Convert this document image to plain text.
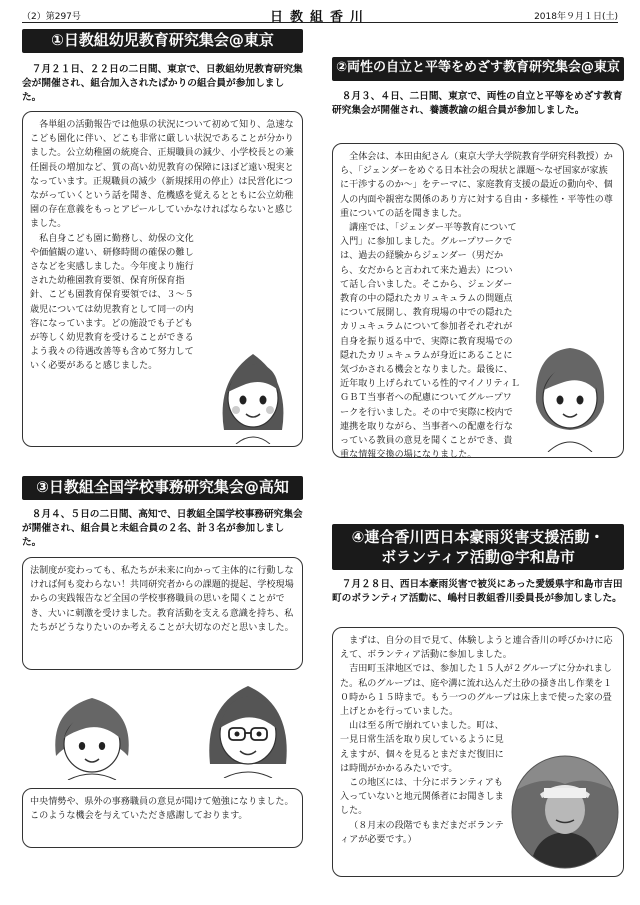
（2）第297号	日教組香川	2018年９月１日(土)
①日教組幼児教育研究集会@東京
７月２１日、２２日の二日間、東京で、日教組幼児教育研究集会が開催され、組合加入されたばかりの組合員が参加しました。

各単組の活動報告では他県の状況について初めて知り、急速なこども園化に伴い、どこも非常に厳しい状況であることが分かりました。公立幼稚園の統廃合、正規職員の減少、小学校長との兼任園長の増加など、質の高い幼児教育の保障にほぼど遠い現実となっています。正規職員の減少（新規採用の停止）は民営化につながっていくという話を聞き、危機感を覚えるとともに公立幼稚園の存在意義をもっとアピールしていかなければならないと感じました。

私自身こども園に勤務し、幼保の文化や価値観の違い、研修時間の確保の難しさなどを実感しました。今年度より施行された幼稚園教育要領、保育所保育指針、こども園教育保育要領では、３～５歳児については幼児教育として同一の内容になっています。どの施設でも子どもが等しく幼児教育を受けることができるよう我々の待遇改善等も含めて努力していく必要があると感じました。

②両性の自立と平等をめざす教育研究集会@東京
８月３、４日、二日間、東京で、両性の自立と平等をめざす教育研究集会が開催され、養護教諭の組合員が参加しました。

全体会は、本田由紀さん（東京大学大学院教育学研究科教授）から、「ジェンダーをめぐる日本社会の現状と課題～なぜ国家が家族に干渉するのか～」をテーマに、家庭教育支援の最近の動向や、個人の内面や親密な関係のあり方に対する自由・多様性・平等性の尊重についての話を聞きました。

講座では、「ジェンダー平等教育について　入門」に参加しました。グループワークでは、過去の経験からジェンダー（男だから、女だからと言われて来た過去）について話し合いました。そこから、ジェンダー教育の中の隠れたカリュキュラムの問題点について展開し、教育現場の中での隠れたカリュキュラムについて参加者それぞれが自身を振り返る中で、実際に教育現場での隠れたカリュキュラムが身近にあることに気づかされる機会となりました。最後に、近年取り上げられている性的マイノリティＬＧＢＴ当事者への配慮についてグループワークを行いました。その中で実際に校内で連携を取りながら、当事者への配慮を行なっている教員の意見を聞くことができ、貴重な情報交換の場になりました。

③日教組全国学校事務研究集会@高知
８月４、５日の二日間、高知で、日教組全国学校事務研究集会が開催され、組合員と未組合員の２名、計３名が参加しました。

法制度が変わっても、私たちが未来に向かって主体的に行動しなければ何も変わらない！共同研究者からの課題的提起、学校現場からの実践報告など全国の学校事務職員の思いを聞くことができ、大いに刺激を受けました。教育活動を支える意識を持ち、私たちがどうなりたいのか考えることが大切なのだと思いました。

中央情勢や、県外の事務職員の意見が聞けて勉強になりました。このような機会を与えていただき感謝しております。

④連合香川西日本豪雨災害支援活動・
ボランティア活動@宇和島市
７月２８日、西日本豪雨災害で被災にあった愛媛県宇和島市吉田町のボランティア活動に、嶋村日教組香川委員長が参加しました。

まずは、自分の目で見て、体験しようと連合香川の呼びかけに応えて、ボランティア活動に参加しました。

吉田町玉津地区では、参加した１５人が２グループに分かれました。私のグループは、庭や溝に流れ込んだ土砂の掻き出し作業を１０時から１５時まで。もう一つのグループは床上まで使った家の畳上げとかを行っていました。

山は至る所で崩れていました。町は、一見日常生活を取り戻しているように見えますが、個々を見るとまだまだ復旧には時間がかかるみたいです。

この地区には、十分にボランティアも入っていないと地元関係者にお聞きしました。

（８月末の段階でもまだまだボランティアが必要です。）
